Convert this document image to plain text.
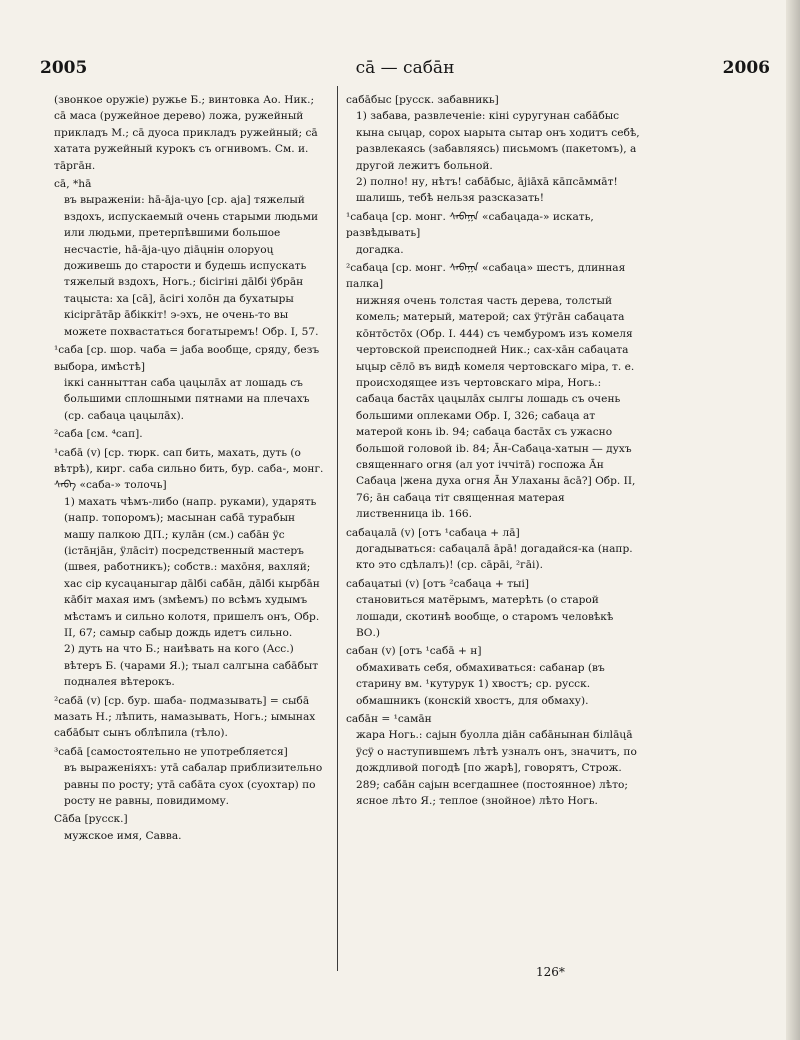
2005	cā — сабāн	2006
(звонкое оружіе) ружье Б.; винтовка Ао. Ник.; сā маса (ружейное дерево) ложа, ружейный прикладъ М.; сā дуоса прикладъ ружейный; сā хатата ружейный курокъ съ огнивомъ. См. и. тāргāн.
cā, *hā
въ выраженіи: hā-āja-ųуо [ср. аjа] тяжелый вздохъ, испускаемый очень старыми людьми или людьми, претерпѣвшими большое несчастіе, hā-āja-ųуо дiāųнiн олоруоų доживешь до старости и будешь испускать тяжелый вздохъ, Ногь.; бiсiгiнi дālбi ÿбрāн таųыста: ха [cā], āсiгi холōн да бухатыры кiсiргāтāр āбiккiт! э-эхъ, не очень-то вы можете похвастаться богатыремъ! Обр. I, 57.
¹саба [ср. шор. чаба = jаба вообще, сряду, безъ выбора, имѣстѣ]
iккi санныттан саба ųаųылāх ат лошадь съ большими сплошными пятнами на плечахъ (ср. сабаųа ųаųылāх).
²саба [см. ⁴сап].
¹сабā (v) [ср. тюрк. сап бить, махать, дуть (о вѣтрѣ), кирг. саба сильно бить, бур. саба-, монг. ᠰᠠᠪᠠ «саба-» толочь]
1) махать чѣмъ-либо (напр. руками), ударять (напр. топоромъ); масынан сабā турабын машу палкою ДП.; кулāн (см.) сабāн ÿс (iстāнjāн, ÿлāсiт) посредственный мастеръ (швея, работникъ); собств.: махōня, вахляй; хас сiр кусаųаныгар дālбi сабāн, дālбi кырбāн кāбiт махая имъ (змѣемъ) по всѣмъ худымъ мѣстамъ и сильно колотя, пришелъ онъ, Обр. II, 67; самыр сабыр дождь идетъ сильно.
2) дуть на что Б.; наиѣвать на кого (Acc.) вѣтеръ Б. (чарами Я.); тыал салгына сабāбыт подналея вѣтерокъ.
²сабā (v) [ср. бур. шаба- подмазывать] = сыбā мазать Н.; лѣпить, намазывать, Ногь.; ымынах сабāбыт сынъ облѣпила (тѣло).
³сабā [самостоятельно не употребляется]
въ выраженіяхъ: утā сабалар приблизительно равны по росту; утā сабāта суох (суохтар) по росту не равны, повидимому.
Сāба [русск.]
мужское имя, Савва.
сабāбыс [русск. забавникь]
1) забава, развлеченіе: кiнi суругунан сабāбыс кына сыųар, сорох ыарыта сытар онъ ходитъ себѣ, развлекаясь (забавляясь) письмомъ (пакетомъ), а другой лежитъ больной.
2) полно! ну, нѣтъ! сабāбыс, ājiāхā кāпсāммāт! шалишь, тебѣ нельзя разсказать!
¹сабаųа [ср. монг. ᠰᠠᠪᠠᠭᠠ «сабаųада-» искать, развѣдывать]
догадка.
²сабаųа [ср. монг. ᠰᠠᠪᠠᠭᠠ «сабаųа» шестъ, длинная палка]
нижняя очень толстая часть дерева, толстый комель; матерый, матерой; сах ÿтÿгāн сабаųата кōнтōстōх (Обр. I. 444) съ чембуромъ изъ комеля чертовской преисподней Ник.; сах-хāн сабаųата ыųыр сēлō въ видѣ комеля чертовскаго мiра, т. е. происходящее изъ чертовскаго мiра, Ногь.: сабаųа бастāх ųаųылāх сылгы лошадь съ очень большими оплеками Обр. I, 326; сабаųа ат матерой конь ib. 94; сабаųа бастāх съ ужасно большой головой ib. 84; Āн-Сабаųа-хатын — духъ священнаго огня (ал уот iччiтā) госпожа Āн Сабаųа |жена духа огня Āн Улаханы āсā?] Обр. II, 76; āн сабаųа тiт священная матерая лиственница ib. 166.
сабаųалā (v) [отъ ¹сабаųа + лā]
догадываться: сабаųалā āрā! догадайся-ка (напр. кто это сдѣлалъ)! (ср. сāрāi, ²гāi).
сабаųатыi (v) [отъ ²сабаųа + тыi]
становиться матёрымъ, матерѣть (о старой лошади, скотинѣ вообще, о старомъ человѣкѣ ВО.)
сабан (v) [отъ ¹сабā + н]
обмахивать себя, обмахиваться: сабанар (въ старину вм. ¹кутурук 1) хвостъ; ср. русск. обмашникъ (конскiй хвостъ, для обмаху).
сабāн = ¹самāн
жара Ногь.: саjын буолла дiāн сабāнынан бiлlāųā ÿсÿ о наступившемъ лѣтѣ узналъ онъ, значитъ, по дождливой погодѣ [по жарѣ], говорятъ, Строж. 289; сабāн саjын всегдашнее (постоянное) лѣто; ясное лѣто Я.; теплое (знойное) лѣто Ногь.
126*
